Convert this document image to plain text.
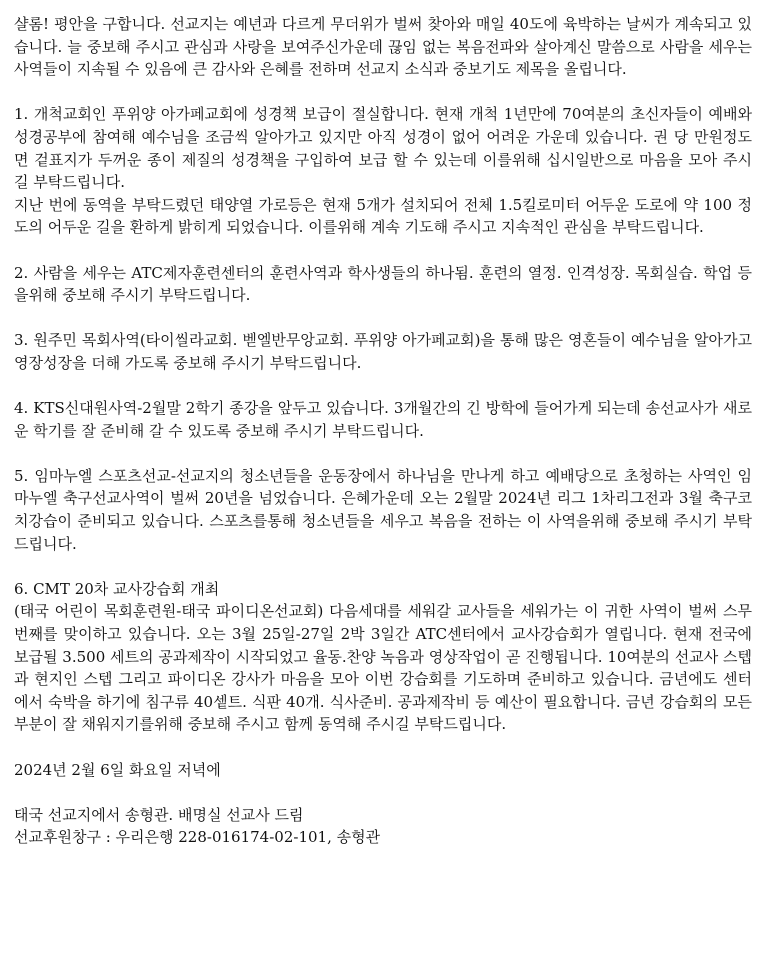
샬롬! 평안을 구합니다. 선교지는 예년과 다르게 무더위가 벌써 찾아와 매일 40도에 육박하는 날씨가 계속되고 있습니다. 늘 중보해 주시고 관심과 사랑을 보여주신가운데 끊임 없는 복음전파와 살아계신 말씀으로 사람을 세우는 사역들이 지속될 수 있음에 큰 감사와 은혜를 전하며 선교지 소식과 중보기도 제목을 올립니다.

1. 개척교회인 푸위양 아가페교회에 성경책 보급이 절실합니다. 현재 개척 1년만에 70여분의 초신자들이 예배와 성경공부에 참여해 예수님을 조금씩 알아가고 있지만 아직 성경이 없어 어려운 가운데 있습니다. 권 당 만원정도면 겉표지가 두꺼운 종이 제질의 성경책을 구입하여 보급 할 수 있는데 이를위해 십시일반으로 마음을 모아 주시길 부탁드립니다.
지난 번에 동역을 부탁드렸던 태양열 가로등은 현재 5개가 설치되어 전체 1.5킬로미터 어두운 도로에 약 100 정도의 어두운 길을 환하게 밝히게 되었습니다. 이를위해 계속 기도해 주시고 지속적인 관심을 부탁드립니다.
2. 사람을 세우는 ATC제자훈련센터의 훈련사역과 학사생들의 하나됨. 훈련의 열정. 인격성장. 목회실습. 학업 등을위해 중보해 주시기 부탁드립니다.
3. 원주민 목회사역(타이씰라교회. 벧엘반무앙교회. 푸위양 아가페교회)을 통해 많은 영혼들이 예수님을 알아가고 영장성장을 더해 가도록 중보해 주시기 부탁드립니다.
4. KTS신대원사역-2월말 2학기 종강을 앞두고 있습니다. 3개월간의 긴 방학에 들어가게 되는데 송선교사가 새로운 학기를 잘 준비해 갈 수 있도록 중보해 주시기 부탁드립니다.
5. 임마누엘 스포츠선교-선교지의 청소년들을 운동장에서 하나님을 만나게 하고 예배당으로 초청하는 사역인 임마누엘 축구선교사역이 벌써 20년을 넘었습니다. 은혜가운데 오는 2월말 2024년 리그 1차리그전과 3월 축구코치강습이 준비되고 있습니다. 스포츠를통해 청소년들을 세우고 복음을 전하는 이 사역을위해 중보해 주시기 부탁드립니다.
6. CMT 20차 교사강습회 개최
(태국 어린이 목회훈련원-태국 파이디온선교회) 다음세대를 세워갈 교사들을 세워가는 이 귀한 사역이 벌써 스무번째를 맞이하고 있습니다. 오는 3월 25일-27일 2박 3일간 ATC센터에서 교사강습회가 열립니다. 현재 전국에 보급될 3.500 세트의 공과제작이 시작되었고 율동.찬양 녹음과 영상작업이 곧 진행됩니다. 10여분의 선교사 스텝과 현지인 스텝 그리고 파이디온 강사가 마음을 모아 이번 강습회를 기도하며 준비하고 있습니다. 금년에도 센터에서 숙박을 하기에 침구류 40셑트. 식판 40개. 식사준비. 공과제작비 등 예산이 필요합니다. 금년 강습회의 모든 부분이 잘 채워지기를위해 중보해 주시고 함께 동역해 주시길 부탁드립니다.

2024년 2월 6일 화요일 저녁에

태국 선교지에서 송형관. 배명실 선교사 드림
선교후원창구 : 우리은행 228-016174-02-101, 송형관
